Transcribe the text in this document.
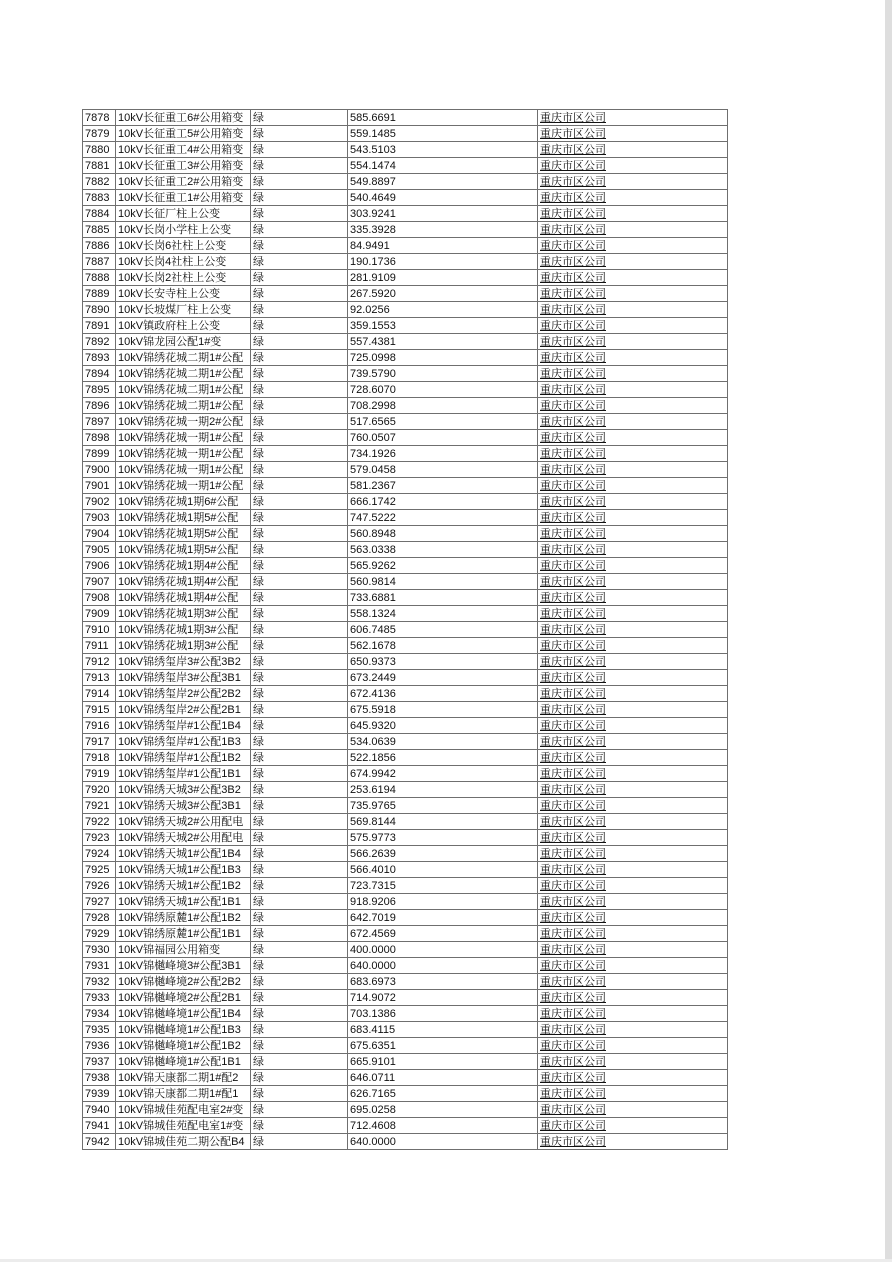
7878	10kV长征重工6#公用箱变	绿	585.6691	重庆市区公司
7879	10kV长征重工5#公用箱变	绿	559.1485	重庆市区公司
7880	10kV长征重工4#公用箱变	绿	543.5103	重庆市区公司
7881	10kV长征重工3#公用箱变	绿	554.1474	重庆市区公司
7882	10kV长征重工2#公用箱变	绿	549.8897	重庆市区公司
7883	10kV长征重工1#公用箱变	绿	540.4649	重庆市区公司
7884	10kV长征厂柱上公变	绿	303.9241	重庆市区公司
7885	10kV长岗小学柱上公变	绿	335.3928	重庆市区公司
7886	10kV长岗6社柱上公变	绿	84.9491	重庆市区公司
7887	10kV长岗4社柱上公变	绿	190.1736	重庆市区公司
7888	10kV长岗2社柱上公变	绿	281.9109	重庆市区公司
7889	10kV长安寺柱上公变	绿	267.5920	重庆市区公司
7890	10kV长坡煤厂柱上公变	绿	92.0256	重庆市区公司
7891	10kV镇政府柱上公变	绿	359.1553	重庆市区公司
7892	10kV锦龙园公配1#变	绿	557.4381	重庆市区公司
7893	10kV锦绣花城二期1#公配	绿	725.0998	重庆市区公司
7894	10kV锦绣花城二期1#公配	绿	739.5790	重庆市区公司
7895	10kV锦绣花城二期1#公配	绿	728.6070	重庆市区公司
7896	10kV锦绣花城二期1#公配	绿	708.2998	重庆市区公司
7897	10kV锦绣花城一期2#公配	绿	517.6565	重庆市区公司
7898	10kV锦绣花城一期1#公配	绿	760.0507	重庆市区公司
7899	10kV锦绣花城一期1#公配	绿	734.1926	重庆市区公司
7900	10kV锦绣花城一期1#公配	绿	579.0458	重庆市区公司
7901	10kV锦绣花城一期1#公配	绿	581.2367	重庆市区公司
7902	10kV锦绣花城1期6#公配	绿	666.1742	重庆市区公司
7903	10kV锦绣花城1期5#公配	绿	747.5222	重庆市区公司
7904	10kV锦绣花城1期5#公配	绿	560.8948	重庆市区公司
7905	10kV锦绣花城1期5#公配	绿	563.0338	重庆市区公司
7906	10kV锦绣花城1期4#公配	绿	565.9262	重庆市区公司
7907	10kV锦绣花城1期4#公配	绿	560.9814	重庆市区公司
7908	10kV锦绣花城1期4#公配	绿	733.6881	重庆市区公司
7909	10kV锦绣花城1期3#公配	绿	558.1324	重庆市区公司
7910	10kV锦绣花城1期3#公配	绿	606.7485	重庆市区公司
7911	10kV锦绣花城1期3#公配	绿	562.1678	重庆市区公司
7912	10kV锦绣玺岸3#公配3B2	绿	650.9373	重庆市区公司
7913	10kV锦绣玺岸3#公配3B1	绿	673.2449	重庆市区公司
7914	10kV锦绣玺岸2#公配2B2	绿	672.4136	重庆市区公司
7915	10kV锦绣玺岸2#公配2B1	绿	675.5918	重庆市区公司
7916	10kV锦绣玺岸#1公配1B4	绿	645.9320	重庆市区公司
7917	10kV锦绣玺岸#1公配1B3	绿	534.0639	重庆市区公司
7918	10kV锦绣玺岸#1公配1B2	绿	522.1856	重庆市区公司
7919	10kV锦绣玺岸#1公配1B1	绿	674.9942	重庆市区公司
7920	10kV锦绣天城3#公配3B2	绿	253.6194	重庆市区公司
7921	10kV锦绣天城3#公配3B1	绿	735.9765	重庆市区公司
7922	10kV锦绣天城2#公用配电	绿	569.8144	重庆市区公司
7923	10kV锦绣天城2#公用配电	绿	575.9773	重庆市区公司
7924	10kV锦绣天城1#公配1B4	绿	566.2639	重庆市区公司
7925	10kV锦绣天城1#公配1B3	绿	566.4010	重庆市区公司
7926	10kV锦绣天城1#公配1B2	绿	723.7315	重庆市区公司
7927	10kV锦绣天城1#公配1B1	绿	918.9206	重庆市区公司
7928	10kV锦绣原麓1#公配1B2	绿	642.7019	重庆市区公司
7929	10kV锦绣原麓1#公配1B1	绿	672.4569	重庆市区公司
7930	10kV锦福园公用箱变	绿	400.0000	重庆市区公司
7931	10kV锦樾峰境3#公配3B1	绿	640.0000	重庆市区公司
7932	10kV锦樾峰境2#公配2B2	绿	683.6973	重庆市区公司
7933	10kV锦樾峰境2#公配2B1	绿	714.9072	重庆市区公司
7934	10kV锦樾峰境1#公配1B4	绿	703.1386	重庆市区公司
7935	10kV锦樾峰境1#公配1B3	绿	683.4115	重庆市区公司
7936	10kV锦樾峰境1#公配1B2	绿	675.6351	重庆市区公司
7937	10kV锦樾峰境1#公配1B1	绿	665.9101	重庆市区公司
7938	10kV锦天康都二期1#配2	绿	646.0711	重庆市区公司
7939	10kV锦天康都二期1#配1	绿	626.7165	重庆市区公司
7940	10kV锦城佳苑配电室2#变	绿	695.0258	重庆市区公司
7941	10kV锦城佳苑配电室1#变	绿	712.4608	重庆市区公司
7942	10kV锦城佳苑二期公配B4	绿	640.0000	重庆市区公司
